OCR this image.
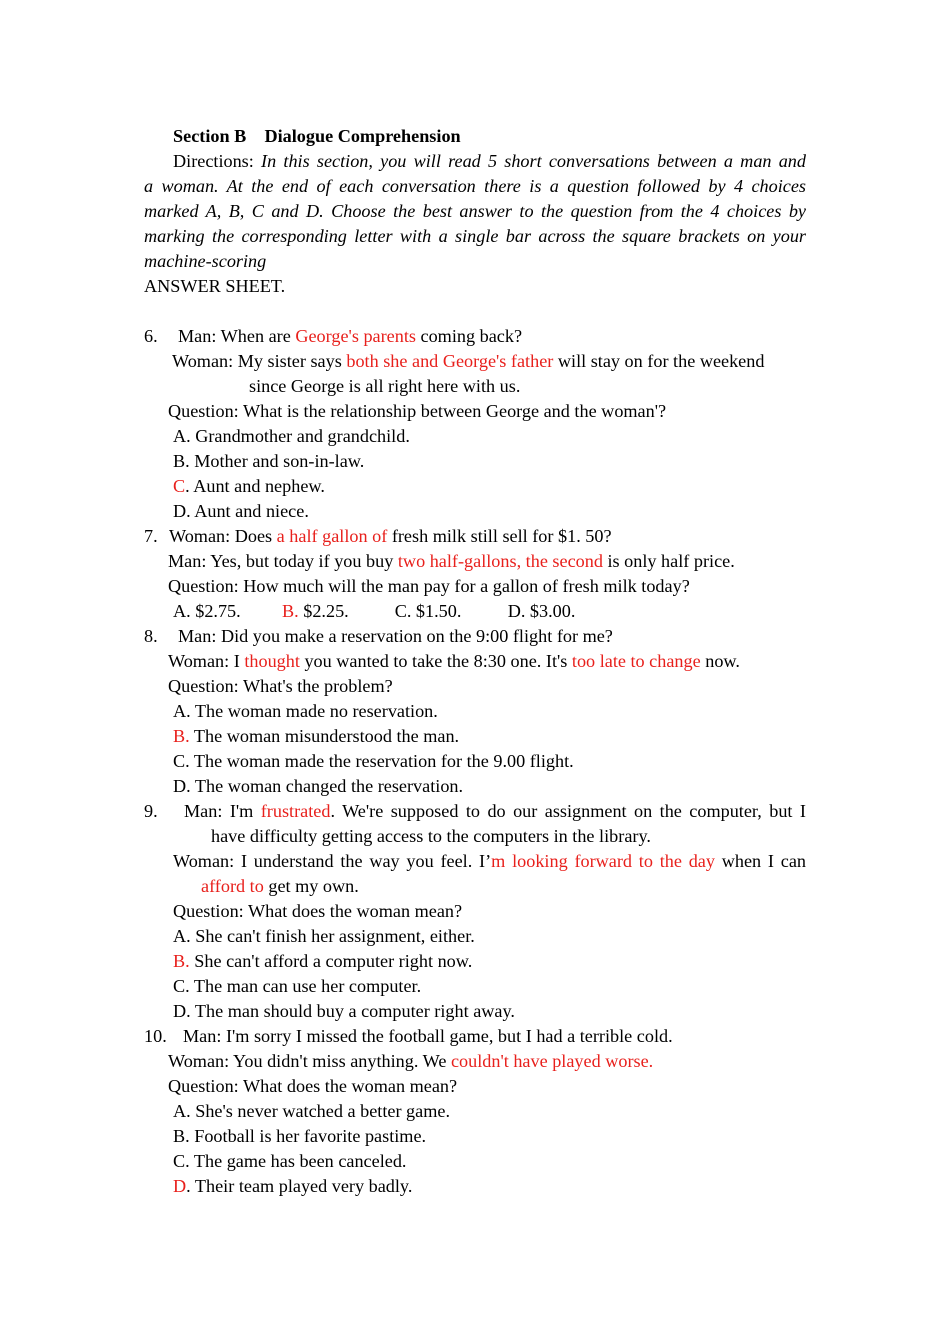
Section B    Dialogue Comprehension
Directions: In this section, you will read 5 short conversations between a man and
a woman. At the end of each conversation there is a question followed by 4 choices
marked A, B, C and D. Choose the best answer to the question from the 4 choices by
marking the corresponding letter with a single bar across the square brackets on your
machine-scoring
ANSWER SHEET.
6. Man: When are George's parents coming back?
Woman: My sister says both she and George's father will stay on for the weekend
since George is all right here with us.
Question: What is the relationship between George and the woman'?
A. Grandmother and grandchild.
B. Mother and son-in-law.
C. Aunt and nephew.
D. Aunt and niece.
7. Woman: Does a half gallon of fresh milk still sell for $1. 50?
Man: Yes, but today if you buy two half-gallons, the second is only half price.
Question: How much will the man pay for a gallon of fresh milk today?
A. $2.75. B. $2.25.	C. $1.50.	D. $3.00.
8. Man: Did you make a reservation on the 9:00 flight for me?
Woman: I thought you wanted to take the 8:30 one. It's too late to change now.
Question: What's the problem?
A. The woman made no reservation.
B. The woman misunderstood the man.
C. The woman made the reservation for the 9.00 flight.
D. The woman changed the reservation.
9. Man: I'm frustrated. We're supposed to do our assignment on the computer, but I
have difficulty getting access to the computers in the library.
Woman: I understand the way you feel. I’m looking forward to the day when I can
afford to get my own.
Question: What does the woman mean?
A. She can't finish her assignment, either.
B. She can't afford a computer right now.
C. The man can use her computer.
D. The man should buy a computer right away.
10. Man: I'm sorry I missed the football game, but I had a terrible cold.
Woman: You didn't miss anything. We couldn't have played worse.
Question: What does the woman mean?
A. She's never watched a better game.
B. Football is her favorite pastime.
C. The game has been canceled.
D. Their team played very badly.
